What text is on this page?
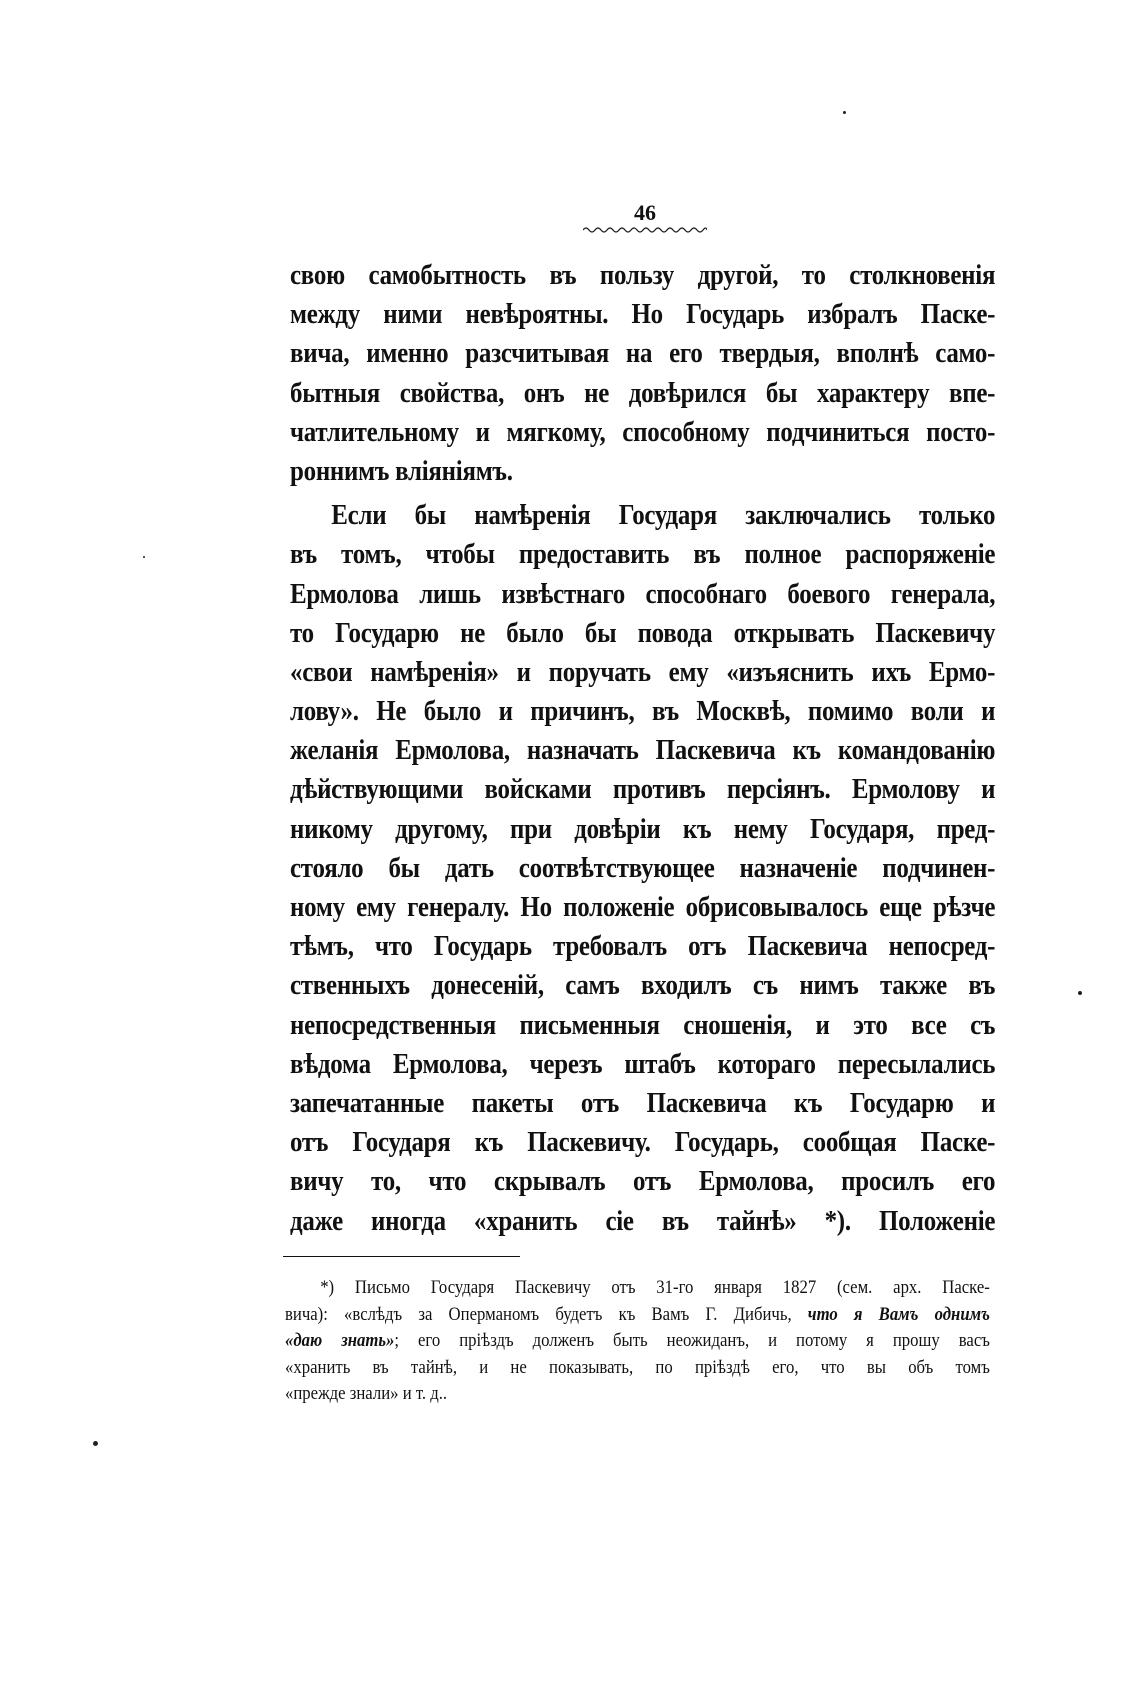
46
свою самобытность въ пользу другой, то столкновенія
между ними невѣроятны. Но Государь избралъ Паске-
вича, именно разсчитывая на его твердыя, вполнѣ само-
бытныя свойства, онъ не довѣрился бы характеру впе-
чатлительному и мягкому, способному подчиниться посто-
роннимъ вліяніямъ.
Если бы намѣренія Государя заключались только
въ томъ, чтобы предоставить въ полное распоряженіе
Ермолова лишь извѣстнаго способнаго боевого генерала,
то Государю не было бы повода открывать Паскевичу
«свои намѣренія» и поручать ему «изъяснить ихъ Ермо-
лову». Не было и причинъ, въ Москвѣ, помимо воли и
желанія Ермолова, назначать Паскевича къ командованію
дѣйствующими войсками противъ персіянъ. Ермолову и
никому другому, при довѣріи къ нему Государя, пред-
стояло бы дать соотвѣтствующее назначеніе подчинен-
ному ему генералу. Но положеніе обрисовывалось еще рѣзче
тѣмъ, что Государь требовалъ отъ Паскевича непосред-
ственныхъ донесеній, самъ входилъ съ нимъ также въ
непосредственныя письменныя сношенія, и это все съ
вѣдома Ермолова, черезъ штабъ котораго пересылались
запечатанные пакеты отъ Паскевича къ Государю и
отъ Государя къ Паскевичу. Государь, сообщая Паске-
вичу то, что скрывалъ отъ Ермолова, просилъ его
даже иногда «хранить сіе въ тайнѣ» *). Положеніе
*) Письмо Государя Паскевичу отъ 31-го января 1827 (сем. арх. Паске-
вича): «вслѣдъ за Оперманомъ будетъ къ Вамъ Г. Дибичь, что я Вамъ однимъ
«даю знать»; его пріѣздъ долженъ быть неожиданъ, и потому я прошу васъ
«хранить въ тайнѣ, и не показывать, по пріѣздѣ его, что вы объ томъ
«прежде знали» и т. д..
